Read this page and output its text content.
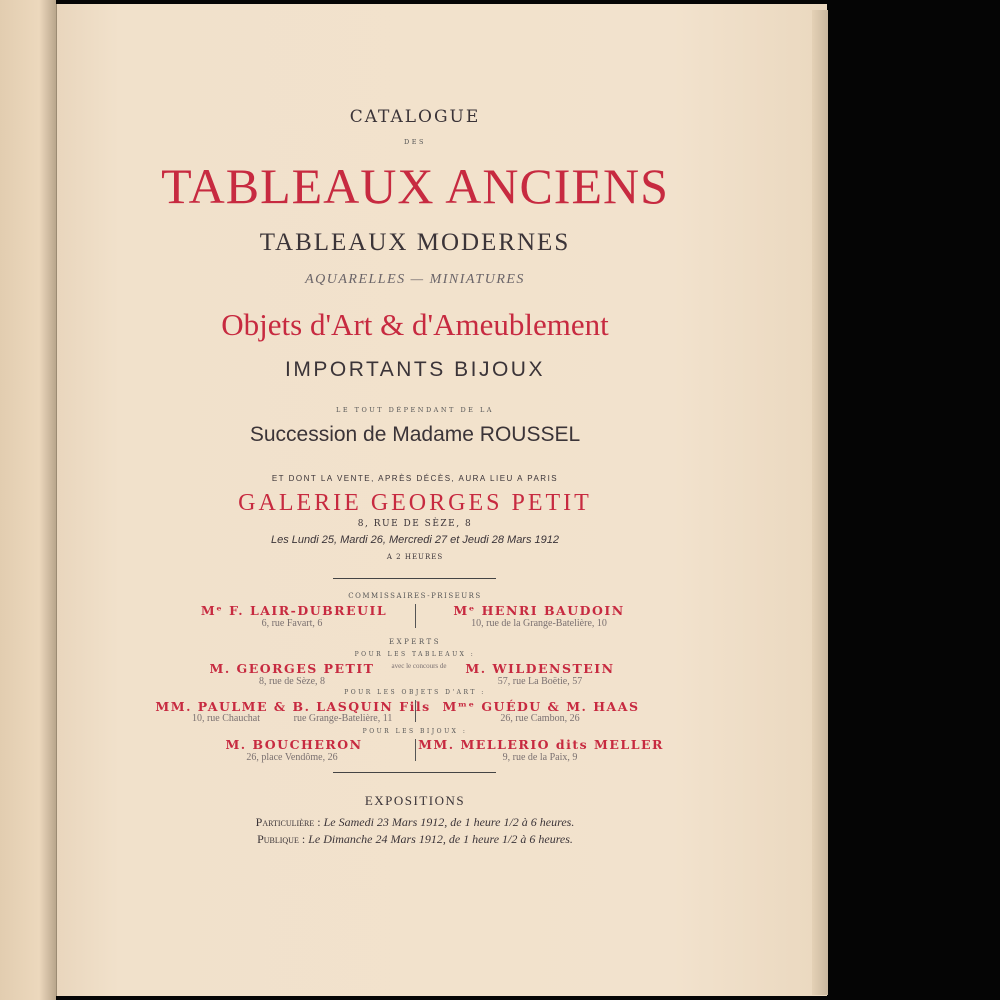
CATALOGUE
DES
TABLEAUX ANCIENS
TABLEAUX MODERNES
AQUARELLES — MINIATURES
Objets d'Art & d'Ameublement
IMPORTANTS BIJOUX
LE TOUT DÉPENDANT DE LA
Succession de Madame ROUSSEL
ET DONT LA VENTE, APRÈS DÉCÈS, AURA LIEU A PARIS
GALERIE GEORGES PETIT
8, RUE DE SÈZE, 8
Les Lundi 25, Mardi 26, Mercredi 27 et Jeudi 28 Mars 1912
A 2 HEURES
COMMISSAIRES-PRISEURS
Mᵉ F. LAIR-DUBREUIL
6, rue Favart, 6
Mᵉ HENRI BAUDOIN
10, rue de la Grange-Batelière, 10
EXPERTS
POUR LES TABLEAUX :
M. GEORGES PETIT
8, rue de Sèze, 8
avec le concours de M. WILDENSTEIN
57, rue La Boëtie, 57
POUR LES OBJETS D'ART :
MM. PAULME & B. LASQUIN Fils
10, rue Chauchat	rue Grange-Batelière, 11
Mᵐᵉ GUÉDU & M. HAAS
26, rue Cambon, 26
POUR LES BIJOUX :
M. BOUCHERON
26, place Vendôme, 26
MM. MELLERIO dits MELLER
9, rue de la Paix, 9
EXPOSITIONS
Particulière : Le Samedi 23 Mars 1912, de 1 heure 1/2 à 6 heures.
Publique : Le Dimanche 24 Mars 1912, de 1 heure 1/2 à 6 heures.
